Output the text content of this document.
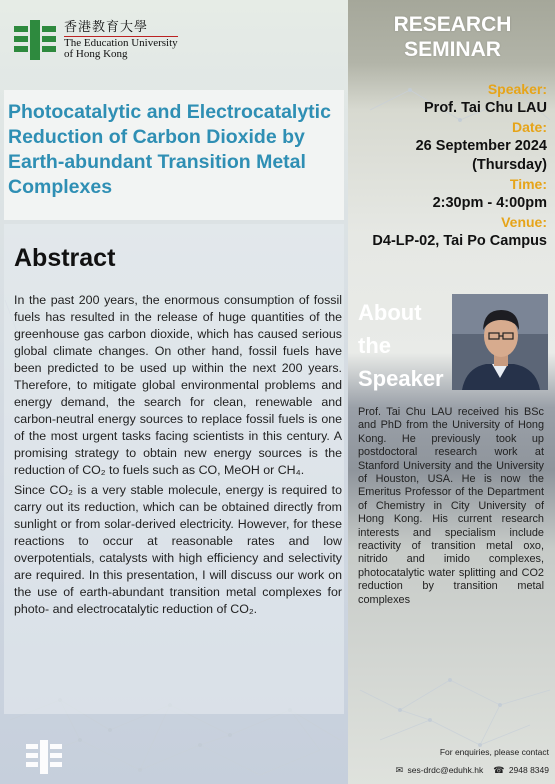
香港教育大學
The Education University
of Hong Kong
Photocatalytic and Electrocatalytic Reduction of Carbon Dioxide by Earth-abundant Transition Metal Complexes
Abstract

In the past 200 years, the enormous consumption of fossil fuels has resulted in the release of huge quantities of the greenhouse gas carbon dioxide, which has caused serious global climate changes. On other hand, fossil fuels have been predicted to be used up within the next 200 years. Therefore, to mitigate global environmental problems and energy demand, the search for clean, renewable and carbon-neutral energy sources to replace fossil fuels is one of the most urgent tasks facing scientists in this century. A promising strategy to obtain new energy sources is the reduction of CO₂ to fuels such as CO, MeOH or CH₄.

Since CO₂ is a very stable molecule, energy is required to carry out its reduction, which can be obtained directly from sunlight or from solar-derived electricity. However, for these reactions to occur at reasonable rates and low overpotentials, catalysts with high efficiency and selectivity are required. In this presentation, I will discuss our work on the use of earth-abundant transition metal complexes for photo- and electrocatalytic reduction of CO₂.

RESEARCH
SEMINAR
Speaker:
Prof. Tai Chu LAU
Date:
26 September 2024
(Thursday)
Time:
2:30pm - 4:00pm
Venue:
D4-LP-02, Tai Po Campus
About
the
Speaker
Prof. Tai Chu LAU received his BSc and PhD from the University of Hong Kong. He previously took up postdoctoral research work at Stanford University and the University of Houston, USA. He is now the Emeritus Professor of the Department of Chemistry in City University of Hong Kong. His current research interests and specialism include reactivity of transition metal oxo, nitrido and imido complexes, photocatalytic water splitting and CO2 reduction by transition metal complexes
For enquiries, please contact
✉ ses-drdc@eduhk.hk ☎ 2948 8349
